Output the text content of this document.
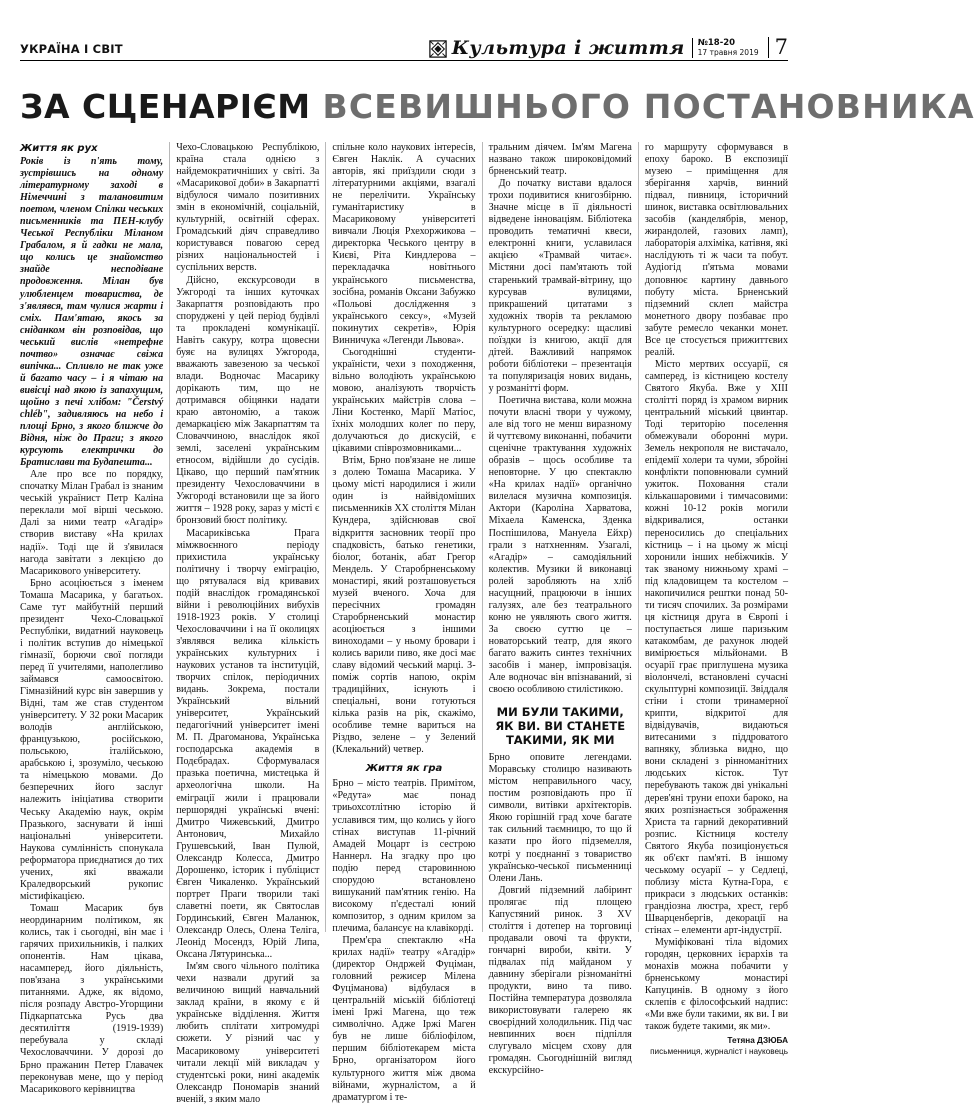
УКРАЇНА І СВІТ	Культура і життя №18-20
17 травня 2019 7
ЗА СЦЕНАРІЄМ ВСЕВИШНЬОГО ПОСТАНОВНИКА

Життя як рух

Років із п'ять тому, зустрівшись на одному літературному заході в Німеччині з талановитим поетом, членом Спілки чеських письменників та ПЕН-клубу Чеської Республіки Міланом Грабалом, я й гадки не мала, що колись це знайомство знайде несподіване продовження. Мілан був улюбленцем товариства, де з'являвся, там чулися жарти і сміх. Пам'ятаю, якось за сніданком він розповідав, що чеський вислів «нетрефне почтво» означає свіжа випічка... Спливло не так уже й багато часу – і я чітаю на вивісці над якою із запахущим, щойно з печі хлібом: "Čerstvý chléb", задивляюсь на небо і площі Брно, з якого ближче до Відня, ніж до Праги; з якого курсують електрички до Братислави та Будапешта...

Але про все по порядку, спочатку Мілан Грабал із знаним чеській українист Петр Каліна переклали мої вірші чеською. Далі за ними театр «Агадір» створив виставу «На крилах надії». Тоді ще й з'явилася нагода завітати з лекцією до Масарикового університету.

Брно асоціюється з іменем Томаша Масарика, у багатьох. Саме тут майбутній перший президент Чехо-Словацької Республіки, видатний науковець і політик вступив до німецької гімназії, борючи свої погляди перед її учителями, наполегливо займався самоосвітою. Гімназійний курс він завершив у Відні, там же став студентом університету. У 32 роки Масарик володів англійською, французькою, російською, польською, італійською, арабською і, зрозуміло, чеською та німецькою мовами. До безперечних його заслуг належить ініціатива створити Чеську Академію наук, окрім Празького, заснувати й інші національні університети. Наукова сумлінність спонукала реформатора приєднатися до тих учених, які вважали Краледворський рукопис містифікацією.

Томаш Масарик був неординарним політиком, як колись, так і сьогодні, він має і гарячих прихильників, і палких опонентів. Нам цікава, насамперед, його діяльність, пов'язана з українськими питаннями. Адже, як відомо, після розпаду Австро-Угорщини Підкарпатська Русь два десятиліття (1919-1939) перебувала у складі Чехословаччини. У дорозі до Брно пражанин Петер Главачек переконував мене, що у період Масарикового керівництва

Чехо-Словацькою Республікою, країна стала однією з найдемократичніших у світі. За «Масарикової доби» в Закарпатті відбулося чимало позитивних змін в економічній, соціальній, культурній, освітній сферах. Громадський діяч справедливо користувався повагою серед різних національностей і суспільних верств.

Дійсно, екскурсоводи в Ужгороді та інших куточках Закарпаття розповідають про споруджені у цей період будівлі та прокладені комунікації. Навіть сакуру, котра щовесни буяє на вулицях Ужгорода, вважають завезеною за чеської влади. Водночас Масарику дорікають тим, що не дотримався обіцянки надати краю автономію, а також демаркацією між Закарпаттям та Словаччиною, внаслідок якої землі, заселені українським етносом, відійшли до сусідів. Цікаво, що перший пам'ятник президенту Чехословаччини в Ужгороді встановили ще за його життя – 1928 року, зараз у місті є бронзовий бюст політику.

Масариківська Прага мімжвоєнного періоду прихистила українську політичну і творчу еміграцію, що рятувалася від кривавих подій внаслідок громадянської війни і революційних вибухів 1918-1923 років. У столиці Чехословаччини і на її околицях з'являвся велика кількість українських культурних і наукових установ та інституцій, творчих спілок, періодичних видань. Зокрема, постали Український вільний університет, Український педагогічний університет імені М. П. Драгоманова, Українська господарська академія в Подєбрадах. Сформувалася празька поетична, мистецька й археологічна школи. На еміграції жили і працювали першорядні українські вчені: Дмитро Чижевський, Дмитро Антонович, Михайло Грушевський, Іван Пулюй, Олександр Колесса, Дмитро Дорошенко, історик і публіцист Євген Чикаленко. Український портрет Праги творили такі славетні поети, як Святослав Гординський, Євген Маланюк, Олександр Олесь, Олена Теліга, Леонід Мосендз, Юрій Липа, Оксана Лятуринська...

Ім'ям свого чільного політика чехи назвали другий за величиною вищий навчальний заклад країни, в якому є й українське відділення. Життя любить сплітати хитромудрі сюжети. У різний час у Масариковому університеті читали лекції мій викладач у студентські роки, нині академік Олександр Пономарів знаний вченій, з яким мало

спільне коло наукових інтересів, Євген Наклік. А сучасних авторів, які приїздили сюди з літературними акціями, взагалі не перелічити. Українську гуманітаристику в Масариковому університеті вивчали Люція Рхехоржикова – директорка Чеського центру в Києві, Ріта Киндлерова – перекладачка новітнього українського письменства, зосібна, романів Оксани Забужко «Польові дослідження з українського сексу», «Музей покинутих секретів», Юрія Винничука «Легенди Львова».

Сьогоднішні студенти-україністи, чехи з походження, вільно володіють українською мовою, аналізують творчість українських майстрів слова – Ліни Костенко, Марії Матіос, їхніх молодших колег по перу, долучаються до дискусій, є цікавими співрозмовниками...

Втім, Брно пов'язане не лише з долею Томаша Масарика. У цьому місті народилися і жили один із найвідоміших письменників ХХ століття Мілан Кундера, здійснював свої відкриття засновник теорії про спадковість, батько генетики, біолог, ботанік, абат Грегор Мендель. У Старобрненському монастирі, який розташовується музей вченого. Хоча для пересічних громадян Старобрненський монастир асоціюється з іншими виноходами – у ньому бровари і колись варили пиво, яке досі має славу відомий чеський марці. З-поміж сортів напою, окрім традиційних, існують і спеціальні, вони готуються кілька разів на рік, скажімо, особливе темне вариться на Різдво, зелене – у Зелений (Клекальний) четвер.

Життя як гра

Брно – місто театрів. Примітом, «Редута» має понад триьохсотлітню історію й уславився тим, що колись у його стінах виступав 11-річний Амадей Моцарт із сестрою Наннерл. На згадку про цю подію перед старовинною спорудою встановлено вишуканий пам'ятник генію. На високому п'єдесталі юний композитор, з одним крилом за плечима, балансує на клавікорді.

Прем'єра спектаклю «На крилах надії» театру «Агадір» (директор Ондржей Фуціман, головний режисер Мілена Фуціманова) відбулася в центральній міській бібліотеці імені Іржі Магена, що теж символічно. Адже Іржі Маген був не лише бібліофілом, першим бібліотекарем міста Брно, організатором його культурного життя між двома війнами, журналістом, а й драматургом і те-

тральним діячем. Ім'ям Магена названо також широковідомий брненський театр.

До початку вистави вдалося трохи подивитися книгозбірню. Значне місце в її діяльності відведене інноваціям. Бібліотека проводить тематичні квеси, електронні книги, уславилася акцією «Трамвай читає». Містяни досі пам'ятають той старенький трамвай-вітрину, що курсував вулицями, прикрашений цитатами з художніх творів та рекламою культурного осередку: щасливі поїздки із книгою, акції для дітей. Важливий напрямок роботи бібліотеки – презентація та популяризація нових видань, у розманітті форм.

Поетична вистава, коли можна почути власні твори у чужому, але від того не менш виразному й чуттєвому виконанні, побачити сценічне трактування художніх образів – щось особливе та неповторне. У цю спектаклю «На крилах надії» органічно вилелася музична композиція. Актори (Кароліна Харватова, Міхаела Каменска, Зденка Поспішилова, Мануела Ейхр) грали з натхненням. Узагалі, «Агадір» – самодіяльний колектив. Музики й виконавці ролей заробляють на хліб насущний, працюючи в інших галузях, але без театрального коню не уявляють свого життя. За своєю суттю це – новаторський театр, для якого багато важить синтез технічних засобів і манер, імпровізація. Але водночас він впізнаваний, зі своєю особливою стилістикою.

МИ БУЛИ ТАКИМИ, ЯК ВИ. ВИ СТАНЕТЕ ТАКИМИ, ЯК МИ

Брно оповите легендами. Моравську столицю називають містом неправильного часу, постим розповідають про її символи, витівки архітекторів. Якою горішній град хоче багате так сильний таємницю, то що й казати про його підземелля, котрі у поєднаннї з товариство українсько-чеської письменниці Олени Лань.

Довгий підземний лабіринт пролягає під площею Капустяний ринок. З XV століття і дотепер на торговиці продавали овочі та фрукти, гончарні вироби, квіти. У підвалах під майданом у давнину зберігали різноманітні продукти, вино та пиво. Постійна температура дозволяла використовувати галерею як своєрідний холодильник. Під час невпинних воєн підпілля слугувало місцем схову для громадян. Сьогоднішній вигляд екскурсійно-

го маршруту сформувався в епоху бароко. В експозиції музею – приміщення для зберігання харчів, винний підвал, пивниця, історичний шинок, виставка освітлювальних засобів (канделябрів, менор, жирандолей, газових ламп), лабораторія алхіміка, катівня, які наслідують ті ж часи та побут. Аудіогід п'ятьма мовами доповнює картину давнього побуту міста. Брненський підземний склеп майстра монетного двору позбаває про забуте ремесло чеканки монет. Все це стосується прижиттєвих реалій.

Місто мертвих оссуарії, ся самперед, із кістницею костелу Святого Якуба. Вже у XIII столітті поряд із храмом вирник центральний міський цвинтар. Тоді територію поселення обмежували оборонні мури. Земель некрополя не вистачало, епідемії холери та чуми, збройні конфлікти поповнювали сумний ужиток. Поховання стали кількашаровими і тимчасовими: кожні 10-12 років могили відкривалися, останки переносились до спеціальних кістниць – і на цьому ж місці хоронили інших небіжчиків. У так званому нижньому храмі – під кладовищем та костелом – накопичилися рештки понад 50-ти тисяч спочилих. За розмірами ця кістниця друга в Європі і поступається лише паризьким катакомбам, де рахунок людей вимірюється мільйонами. В осуарії грає приглушена музика віолончелі, встановлені сучасні скульптурні композиції. Звіддаля стіни і стопи тринамерної крипти, відкритої для відвідувачів, видаються витесаними з піддроватого вапняку, зблизька видно, що вони складені з рінноманітних людських кісток. Тут перебувають також дві унікальні дерев'яні труни епохи бароко, на яких розпізнається зображення Христа та гарний декоративний розпис. Кістниця костелу Святого Якуба позиціонується як об'єкт пам'яті. В іншому чеському осуарії – у Седлеці, поблизу міста Кутна-Гора, є прикраси з людських останків: грандіозна люстра, хрест, герб Шварценбергів, декорації на стінах – елементи арт-індустрії.

Муміфіковані тіла відомих городян, церковних ієрархів та монахів можна побачити у брненському монастирі Капуцинів. В одному з його склепів є філософський надпис: «Ми вже були такими, як ви. І ви також будете такими, як ми».

Тетяна ДЗЮБА
письменниця, журналіст і науковець
